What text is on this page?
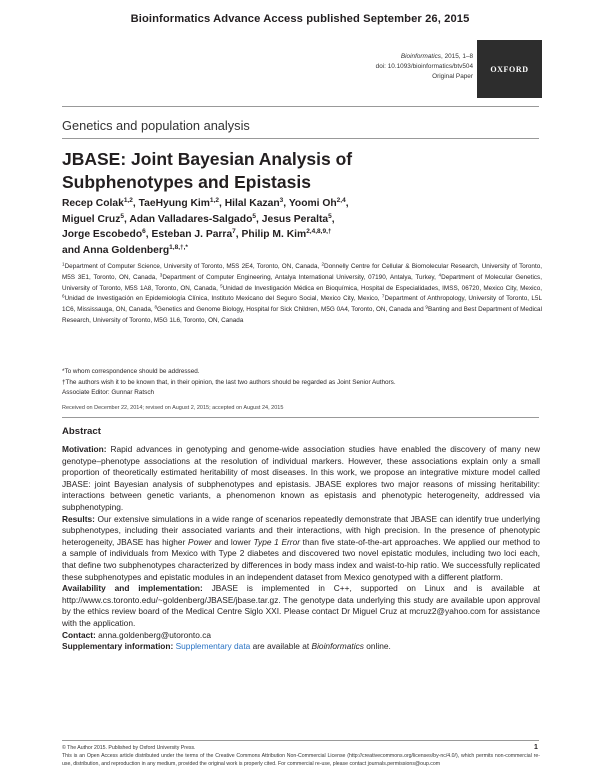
Bioinformatics Advance Access published September 26, 2015
Bioinformatics, 2015, 1–8
doi: 10.1093/bioinformatics/btv504
Original Paper
OXFORD
Genetics and population analysis
JBASE: Joint Bayesian Analysis of
Subphenotypes and Epistasis
Recep Colak$^{1,2}$, TaeHyung Kim$^{1,2}$, Hilal Kazan$^3$, Yoomi Oh$^{2,4}$,
Miguel Cruz$^5$, Adan Valladares-Salgado$^5$, Jesus Peralta$^5$,
Jorge Escobedo$^6$, Esteban J. Parra$^7$, Philip M. Kim$^{2,4,8,9,\dagger}$
and Anna Goldenberg$^{1,8,\dagger,*}$
$^1$Department of Computer Science, University of Toronto, M5S 2E4, Toronto, ON, Canada, $^2$Donnelly Centre for Cellular & Biomolecular Research, University of Toronto, M5S 3E1, Toronto, ON, Canada, $^3$Department of Computer Engineering, Antalya International University, 07190, Antalya, Turkey, $^4$Department of Molecular Genetics, University of Toronto, M5S 1A8, Toronto, ON, Canada, $^5$Unidad de Investigación Médica en Bioquímica, Hospital de Especialidades, IMSS, 06720, Mexico City, Mexico, $^6$Unidad de Investigación en Epidemiología Clínica, Instituto Mexicano del Seguro Social, Mexico City, Mexico, $^7$Department of Anthropology, University of Toronto, L5L 1C6, Mississauga, ON, Canada, $^8$Genetics and Genome Biology, Hospital for Sick Children, M5G 0A4, Toronto, ON, Canada and $^9$Banting and Best Department of Medical Research, University of Toronto, M5G 1L6, Toronto, ON, Canada
*To whom correspondence should be addressed.
†The authors wish it to be known that, in their opinion, the last two authors should be regarded as Joint Senior Authors.
Associate Editor: Gunnar Ratsch
Received on December 22, 2014; revised on August 2, 2015; accepted on August 24, 2015
Abstract

Motivation: Rapid advances in genotyping and genome-wide association studies have enabled the discovery of many new genotype–phenotype associations at the resolution of individual markers. However, these associations explain only a small proportion of theoretically estimated heritability of most diseases. In this work, we propose an integrative mixture model called JBASE: joint Bayesian analysis of subphenotypes and epistasis. JBASE explores two major reasons of missing heritability: interactions between genetic variants, a phenomenon known as epistasis and phenotypic heterogeneity, addressed via subphenotyping.

Results: Our extensive simulations in a wide range of scenarios repeatedly demonstrate that JBASE can identify true underlying subphenotypes, including their associated variants and their interactions, with high precision. In the presence of phenotypic heterogeneity, JBASE has higher Power and lower Type 1 Error than five state-of-the-art approaches. We applied our method to a sample of individuals from Mexico with Type 2 diabetes and discovered two novel epistatic modules, including two loci each, that define two subphenotypes characterized by differences in body mass index and waist-to-hip ratio. We successfully replicated these subphenotypes and epistatic modules in an independent dataset from Mexico genotyped with a different platform.

Availability and implementation: JBASE is implemented in C++, supported on Linux and is available at http://www.cs.toronto.edu/~goldenberg/JBASE/jbase.tar.gz. The genotype data underlying this study are available upon approval by the ethics review board of the Medical Centre Siglo XXI. Please contact Dr Miguel Cruz at mcruz2@yahoo.com for assistance with the application.

Contact: anna.goldenberg@utoronto.ca

Supplementary information: Supplementary data are available at Bioinformatics online.

© The Author 2015. Published by Oxford University Press.
This is an Open Access article distributed under the terms of the Creative Commons Attribution Non-Commercial License (http://creativecommons.org/licenses/by-nc/4.0/), which permits non-commercial re-use, distribution, and reproduction in any medium, provided the original work is properly cited. For commercial re-use, please contact journals.permissions@oup.com
1
